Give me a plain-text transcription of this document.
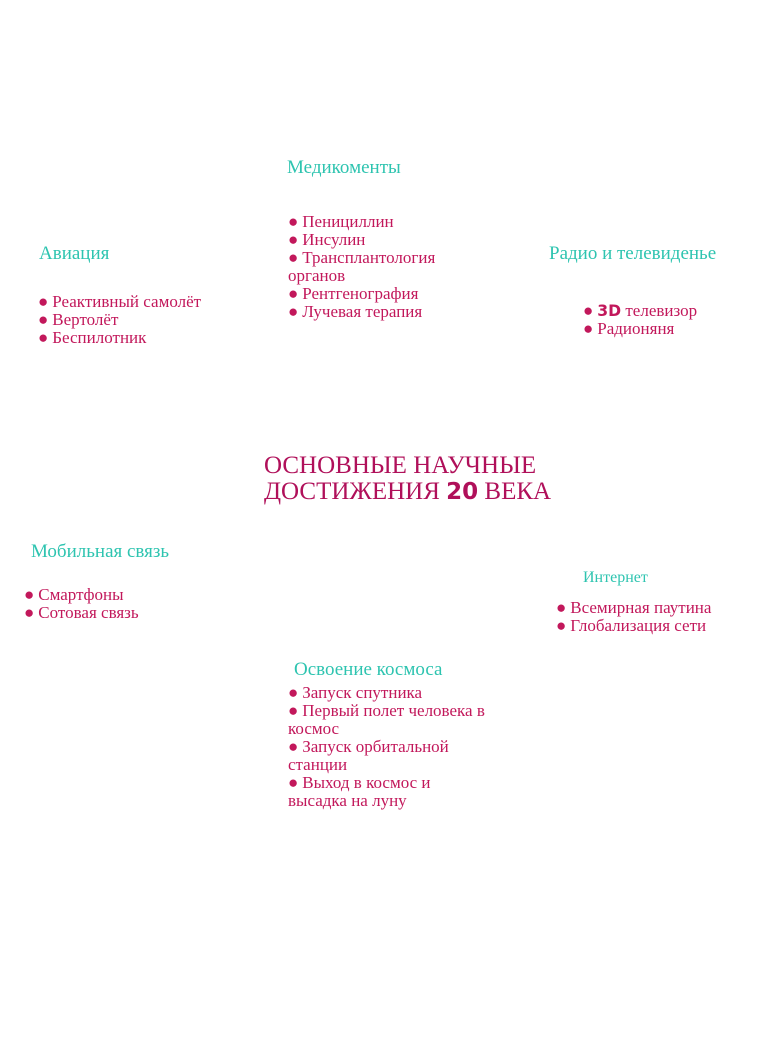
Медикоменты
● Пенициллин
● Инсулин
● Трансплантология органов
● Рентгенография
● Лучевая терапия
Авиация
● Реактивный самолёт
● Вертолёт
● Беспилотник
Радио и телевиденье
● 3D телевизор
● Радионяня
ОСНОВНЫЕ НАУЧНЫЕ
ДОСТИЖЕНИЯ 20 ВЕКА
Мобильная связь
● Смартфоны
● Сотовая связь
Интернет
● Всемирная паутина
● Глобализация сети
Освоение космоса
● Запуск спутника
● Первый полет человека в космос
● Запуск орбитальной станции
● Выход в космос и высадка на луну
